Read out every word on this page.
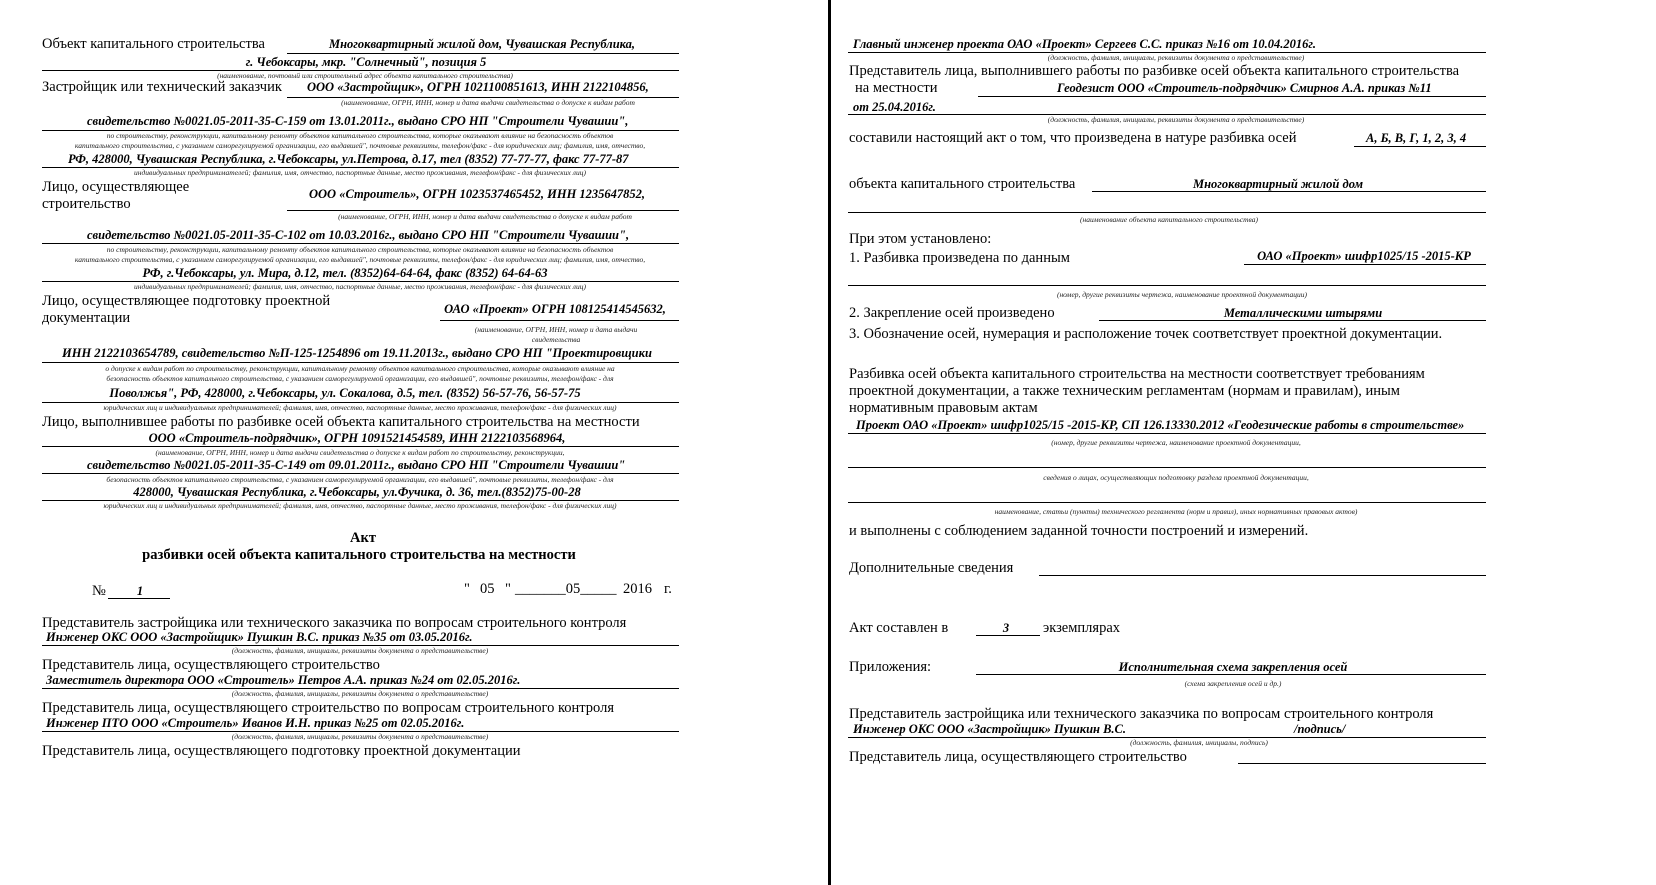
Объект капитального строительства	Многоквартирный жилой дом, Чувашская Республика,
г. Чебоксары, мкр. "Солнечный", позиция 5
(наименование, почтовый или строительный адрес объекта капитального строительства)
Застройщик или технический заказчик ООО «Застройщик», ОГРН 1021100851613, ИНН 2122104856,
(наименование, ОГРН, ИНН, номер и дата выдачи свидетельства о допуске к видам работ
свидетельство №0021.05-2011-35-С-159 от 13.01.2011г., выдано СРО НП "Строители Чувашии",
по строительству, реконструкции, капитальному ремонту объектов капитального строительства, которые оказывают влияние на безопасность объектов
капитального строительства, с указанием саморегулируемой организации, его выдавшей", почтовые реквизиты, телефон/факс - для юридических лиц; фамилия, имя, отчество,
РФ, 428000, Чувашская Республика, г.Чебоксары, ул.Петрова, д.17, тел (8352) 77-77-77, факс 77-77-87
индивидуальных предпринимателей; фамилия, имя, отчество, паспортные данные, место проживания, телефон/факс - для физических лиц)
Лицо, осуществляющее
строительство
ООО «Строитель», ОГРН 1023537465452, ИНН 1235647852,
(наименование, ОГРН, ИНН, номер и дата выдачи свидетельства о допуске к видам работ
свидетельство №0021.05-2011-35-С-102 от 10.03.2016г., выдано СРО НП "Строители Чувашии",
по строительству, реконструкции, капитальному ремонту объектов капитального строительства, которые оказывают влияние на безопасность объектов
капитального строительства, с указанием саморегулируемой организации, его выдавшей", почтовые реквизиты, телефон/факс - для юридических лиц; фамилия, имя, отчество,
РФ, г.Чебоксары, ул. Мира, д.12, тел. (8352)64-64-64, факс (8352) 64-64-63
индивидуальных предпринимателей; фамилия, имя, отчество, паспортные данные, место проживания, телефон/факс - для физических лиц)
Лицо, осуществляющее подготовку проектной
документации
ОАО «Проект» ОГРН 108125414545632,
(наименование, ОГРН, ИНН, номер и дата выдачи
свидетельства
ИНН 2122103654789, свидетельство №П-125-1254896 от 19.11.2013г., выдано СРО НП "Проектировщики
о допуске к видам работ по строительству, реконструкции, капитальному ремонту объектов капитального строительства, которые оказывают влияние на
безопасность объектов капитального строительства, с указанием саморегулируемой организации, его выдавшей", почтовые реквизиты, телефон/факс - для
Поволжья", РФ, 428000, г.Чебоксары, ул. Сокалова, д.5, тел. (8352) 56-57-76, 56-57-75
юридических лиц и индивидуальных предпринимателей; фамилия, имя, отчество, паспортные данные, место проживания, телефон/факс - для физических лиц)
Лицо, выполнившее работы по разбивке осей объекта капитального строительства на местности
ООО «Строитель-подрядчик», ОГРН 1091521454589, ИНН 2122103568964,
(наименование, ОГРН, ИНН, номер и дата выдачи свидетельства о допуске к видам работ по строительству, реконструкции,
свидетельство №0021.05-2011-35-С-149 от 09.01.2011г., выдано СРО НП "Строители Чувашии"
безопасность объектов капитального строительства, с указанием саморегулируемой организации, его выдавшей", почтовые реквизиты, телефон/факс - для
428000, Чувашская Республика, г.Чебоксары, ул.Фучика, д. 36, тел.(8352)75-00-28
юридических лиц и индивидуальных предпринимателей; фамилия, имя, отчество, паспортные данные, место проживания, телефон/факс - для физических лиц)
Акт
разбивки осей объекта капитального строительства на местности
№ 1	" 05 " _______05_____ 2016 г.
Представитель застройщика или технического заказчика по вопросам строительного контроля
Инженер ОКС ООО «Застройщик» Пушкин В.С. приказ №35 от 03.05.2016г.
(должность, фамилия, инициалы, реквизиты документа о представительстве)
Представитель лица, осуществляющего строительство
Заместитель директора ООО «Строитель» Петров А.А. приказ №24 от 02.05.2016г.
(должность, фамилия, инициалы, реквизиты документа о представительстве)
Представитель лица, осуществляющего строительство по вопросам строительного контроля
Инженер ПТО ООО «Строитель» Иванов И.Н. приказ №25 от 02.05.2016г.
(должность, фамилия, инициалы, реквизиты документа о представительстве)
Представитель лица, осуществляющего подготовку проектной документации
Главный инженер проекта ОАО «Проект» Сергеев С.С. приказ №16 от 10.04.2016г.
(должность, фамилия, инициалы, реквизиты документа о представительстве)
Представитель лица, выполнившего работы по разбивке осей объекта капитального строительства
на местности	Геодезист ООО «Строитель-подрядчик» Смирнов А.А. приказ №11
от 25.04.2016г.
(должность, фамилия, инициалы, реквизиты документа о представительстве)
составили настоящий акт о том, что произведена в натуре разбивка осей	А, Б, В, Г, 1, 2, 3, 4
объекта капитального строительства	Многоквартирный жилой дом
(наименование объекта капитального строительства)
При этом установлено:
1. Разбивка произведена по данным	ОАО «Проект» шифр1025/15 -2015-КР
(номер, другие реквизиты чертежа, наименование проектной документации)
2. Закрепление осей произведено	Металлическими штырями
3. Обозначение осей, нумерация и расположение точек соответствует проектной документации.
Разбивка осей объекта капитального строительства на местности соответствует требованиям
проектной документации, а также техническим регламентам (нормам и правилам), иным
нормативным правовым актам
Проект ОАО «Проект» шифр1025/15 -2015-КР, СП 126.13330.2012 «Геодезические работы в строительстве»
(номер, другие реквизиты чертежа, наименование проектной документации,
сведения о лицах, осуществляющих подготовку раздела проектной документации,
наименование, статьи (пункты) технического регламента (норм и правил), иных нормативных правовых актов)
и выполнены с соблюдением заданной точности построений и измерений.
Дополнительные сведения
Акт составлен в	3 экземплярах
Приложения:	Исполнительная схема закрепления осей
(схема закрепления осей и др.)
Представитель застройщика или технического заказчика по вопросам строительного контроля
Инженер ОКС ООО «Застройщик» Пушкин В.С.	/подпись/
(должность, фамилия, инициалы, подпись)
Представитель лица, осуществляющего строительство
